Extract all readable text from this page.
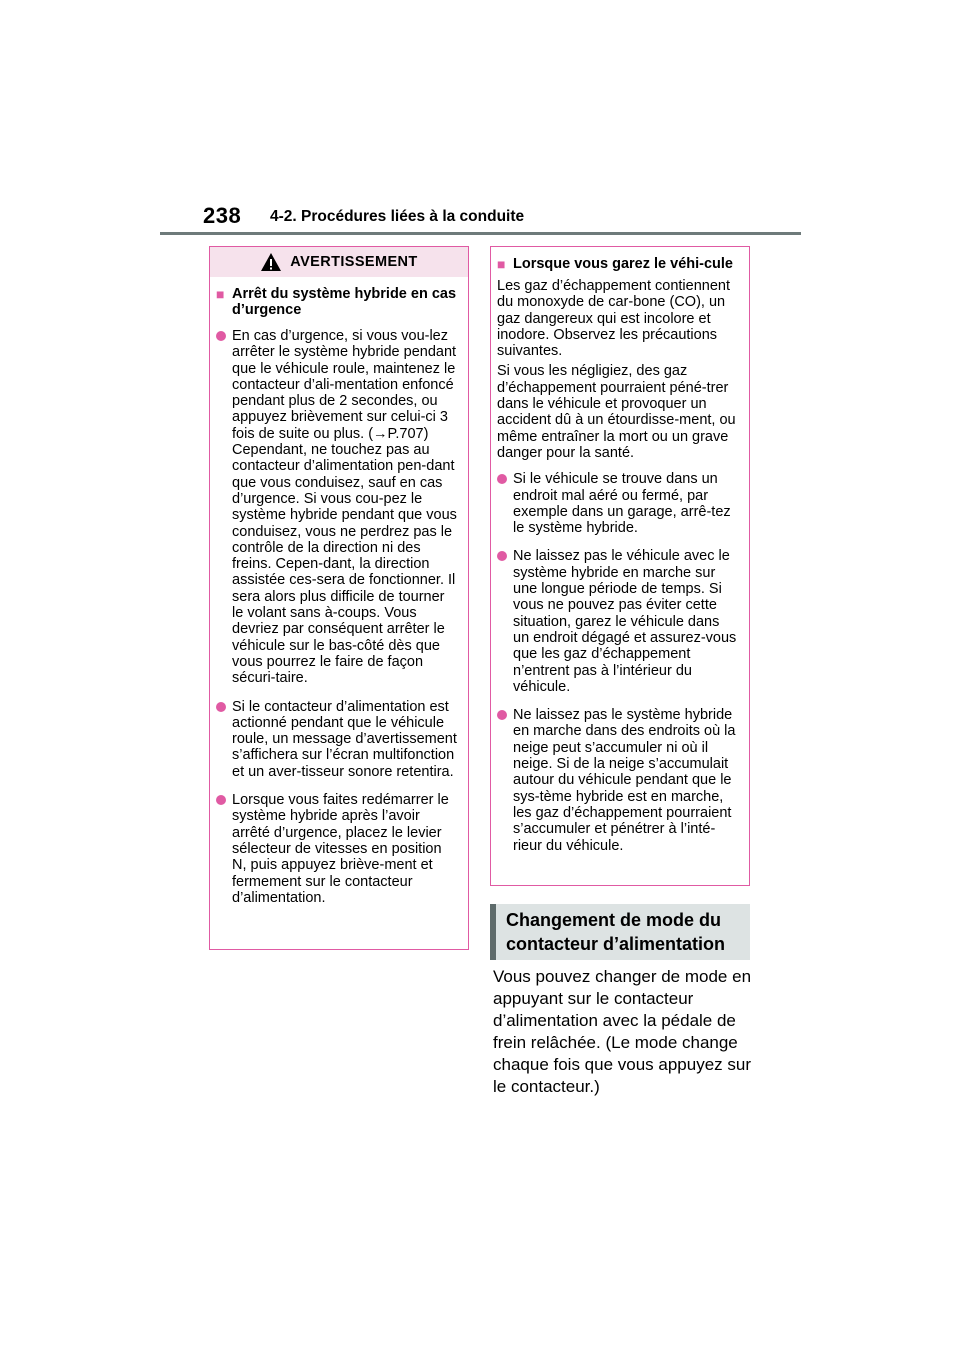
238 4-2. Procédures liées à la conduite
AVERTISSEMENT
■ Arrêt du système hybride en cas d’urgence
En cas d’urgence, si vous vou-lez arrêter le système hybride pendant que le véhicule roule, maintenez le contacteur d’ali-mentation enfoncé pendant plus de 2 secondes, ou appuyez brièvement sur celui-ci 3 fois de suite ou plus. (→P.707) Cependant, ne touchez pas au contacteur d’alimentation pen-dant que vous conduisez, sauf en cas d’urgence. Si vous cou-pez le système hybride pendant que vous conduisez, vous ne perdrez pas le contrôle de la direction ni des freins. Cepen-dant, la direction assistée ces-sera de fonctionner. Il sera alors plus difficile de tourner le volant sans à-coups. Vous devriez par conséquent arrêter le véhicule sur le bas-côté dès que vous pourrez le faire de façon sécuri-taire.
Si le contacteur d’alimentation est actionné pendant que le véhicule roule, un message d’avertissement s’affichera sur l’écran multifonction et un aver-tisseur sonore retentira.
Lorsque vous faites redémarrer le système hybride après l’avoir arrêté d’urgence, placez le levier sélecteur de vitesses en position N, puis appuyez briève-ment et fermement sur le contacteur d’alimentation.
■ Lorsque vous garez le véhi-cule

Les gaz d’échappement contiennent du monoxyde de car-bone (CO), un gaz dangereux qui est incolore et inodore. Observez les précautions suivantes.

Si vous les négligiez, des gaz d’échappement pourraient péné-trer dans le véhicule et provoquer un accident dû à un étourdisse-ment, ou même entraîner la mort ou un grave danger pour la santé.

Si le véhicule se trouve dans un endroit mal aéré ou fermé, par exemple dans un garage, arrê-tez le système hybride.
Ne laissez pas le véhicule avec le système hybride en marche sur une longue période de temps. Si vous ne pouvez pas éviter cette situation, garez le véhicule dans un endroit dégagé et assurez-vous que les gaz d’échappement n’entrent pas à l’intérieur du véhicule.
Ne laissez pas le système hybride en marche dans des endroits où la neige peut s’accumuler ni où il neige. Si de la neige s’accumulait autour du véhicule pendant que le sys-tème hybride est en marche, les gaz d’échappement pourraient s’accumuler et pénétrer à l’inté-rieur du véhicule.
Changement de mode du contacteur d’alimentation
Vous pouvez changer de mode en appuyant sur le contacteur d’alimentation avec la pédale de frein relâchée. (Le mode change chaque fois que vous appuyez sur le contacteur.)
